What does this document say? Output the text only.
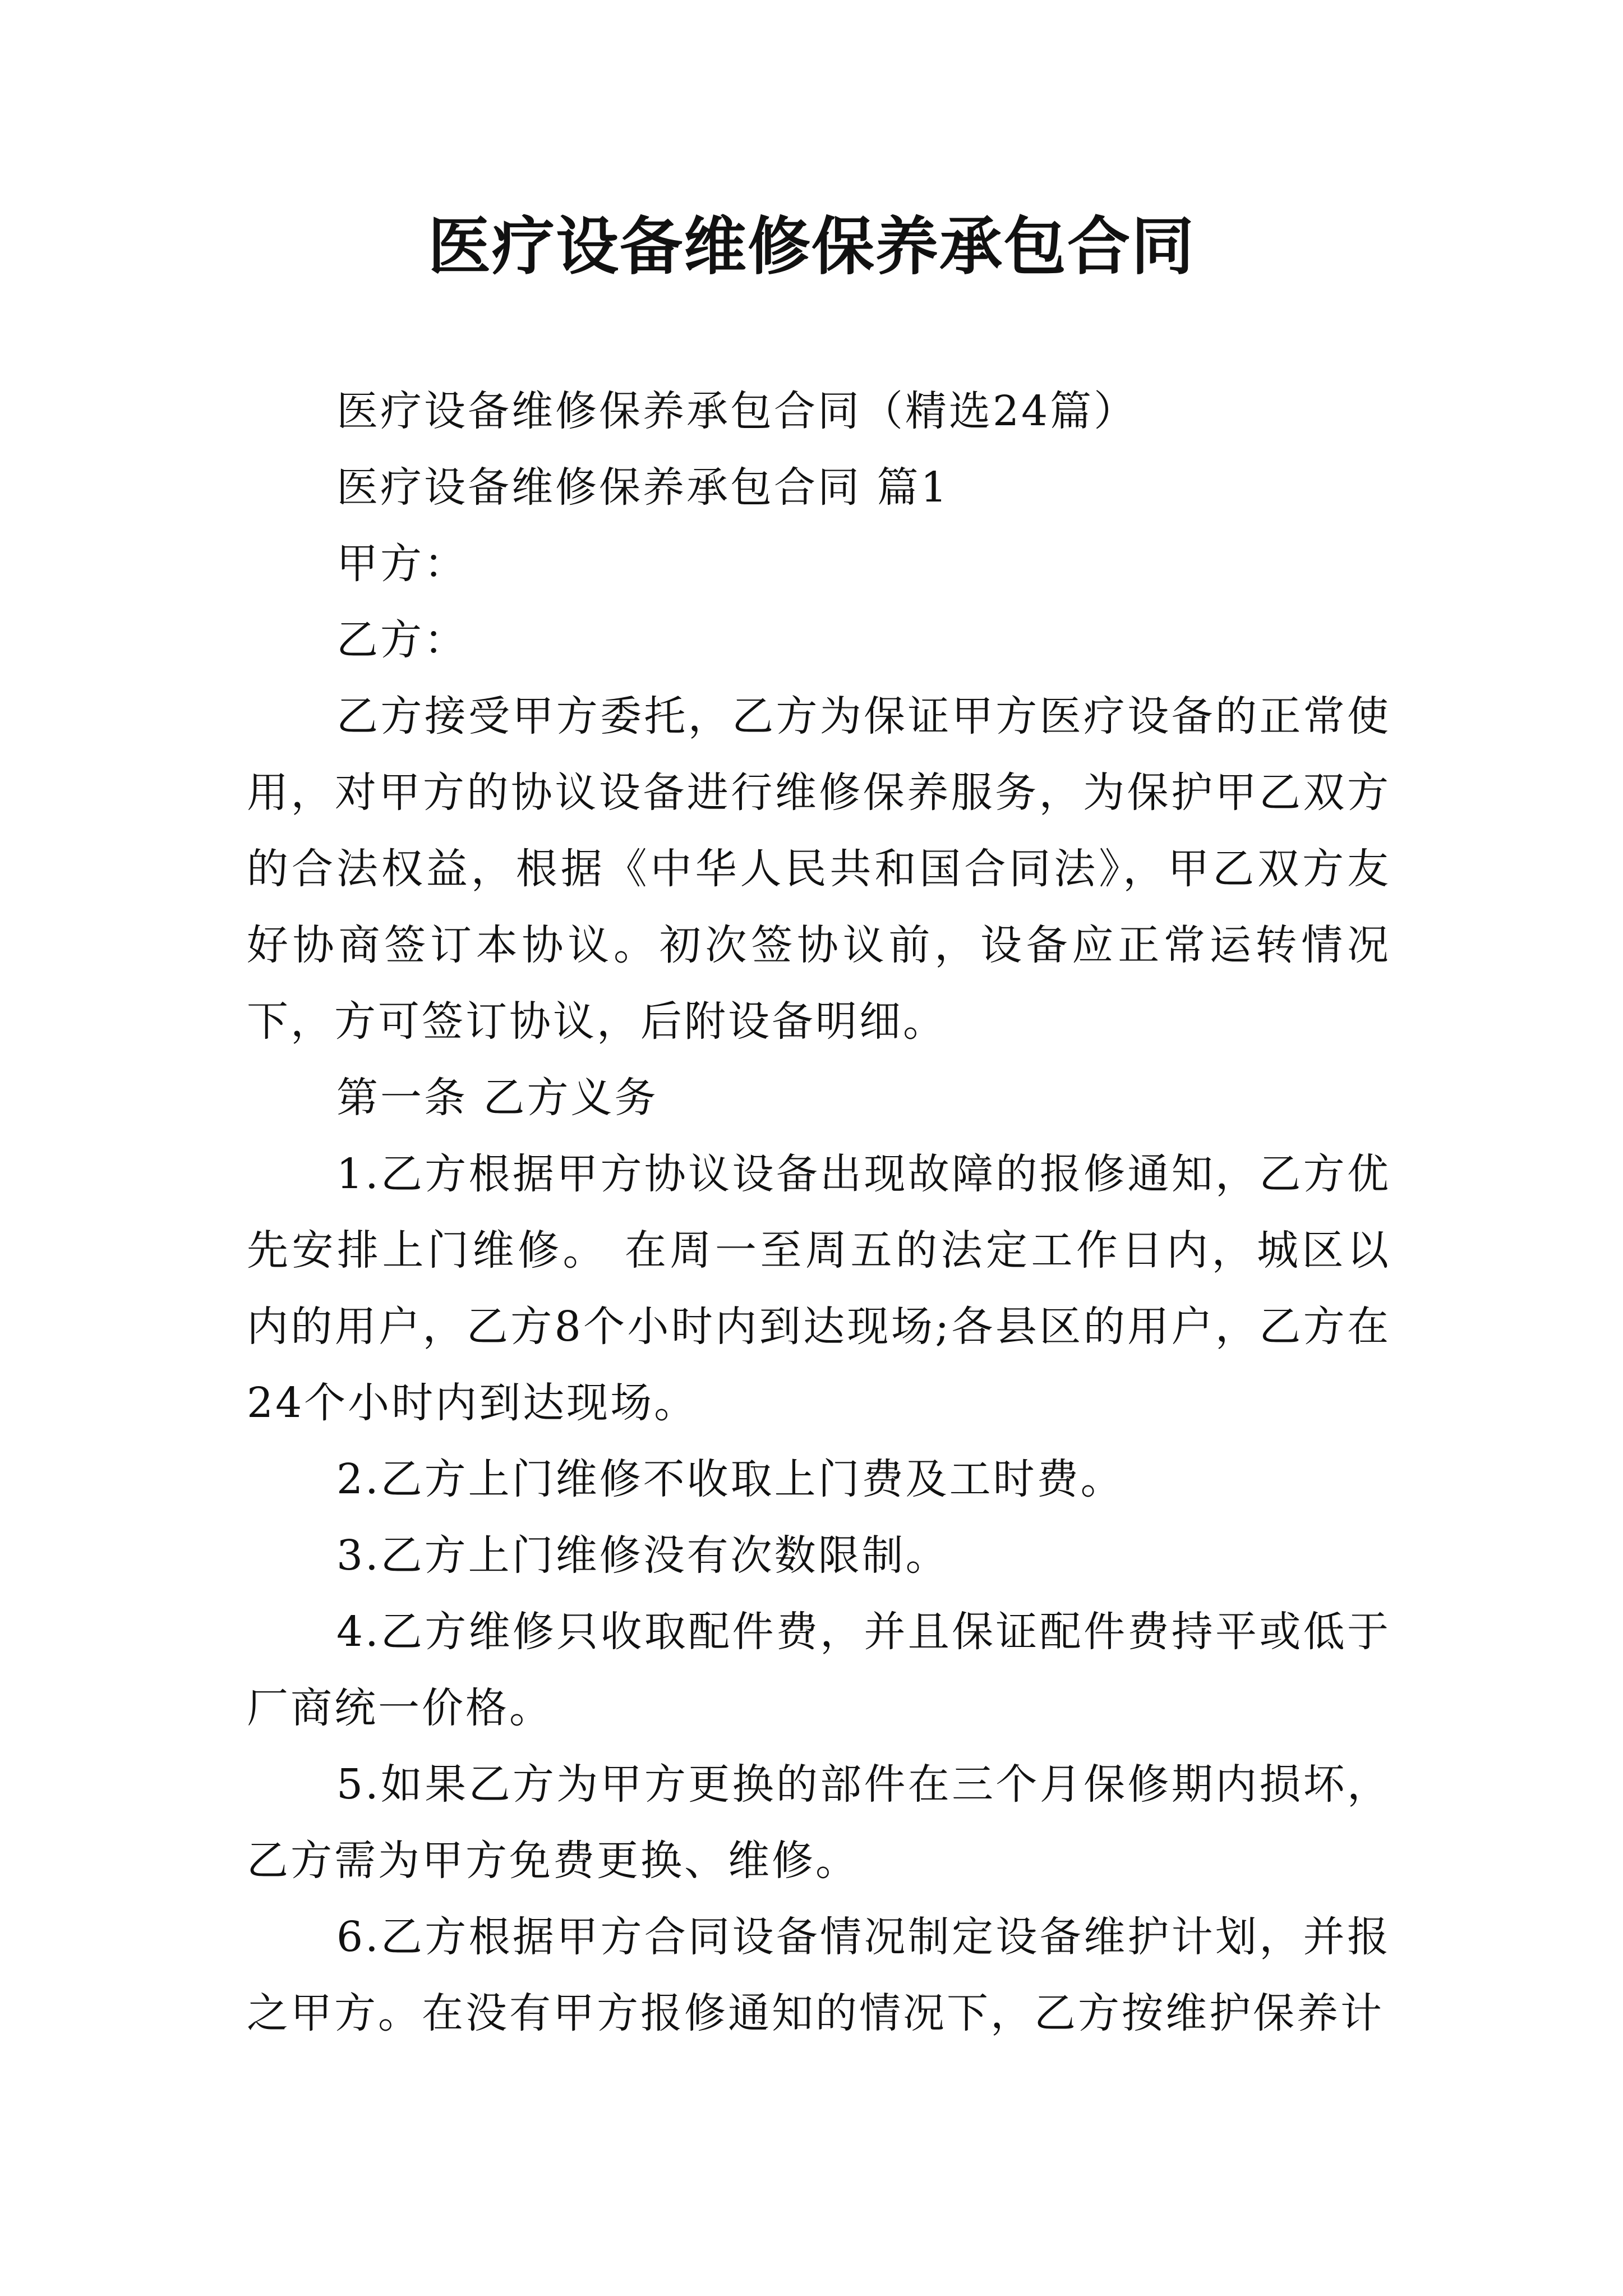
医疗设备维修保养承包合同

医疗设备维修保养承包合同（精选24篇）

医疗设备维修保养承包合同 篇1

甲方：

乙方：

乙方接受甲方委托，乙方为保证甲方医疗设备的正常使用，对甲方的协议设备进行维修保养服务，为保护甲乙双方的合法权益，根据《中华人民共和国合同法》，甲乙双方友好协商签订本协议。初次签协议前，设备应正常运转情况下，方可签订协议，后附设备明细。

第一条 乙方义务

1.乙方根据甲方协议设备出现故障的报修通知，乙方优先安排上门维修。 在周一至周五的法定工作日内，城区以内的用户，乙方8个小时内到达现场;各县区的用户，乙方在24个小时内到达现场。

2.乙方上门维修不收取上门费及工时费。

3.乙方上门维修没有次数限制。

4.乙方维修只收取配件费，并且保证配件费持平或低于厂商统一价格。

5.如果乙方为甲方更换的部件在三个月保修期内损坏，乙方需为甲方免费更换、维修。

6.乙方根据甲方合同设备情况制定设备维护计划，并报之甲方。在没有甲方报修通知的情况下，乙方按维护保养计
